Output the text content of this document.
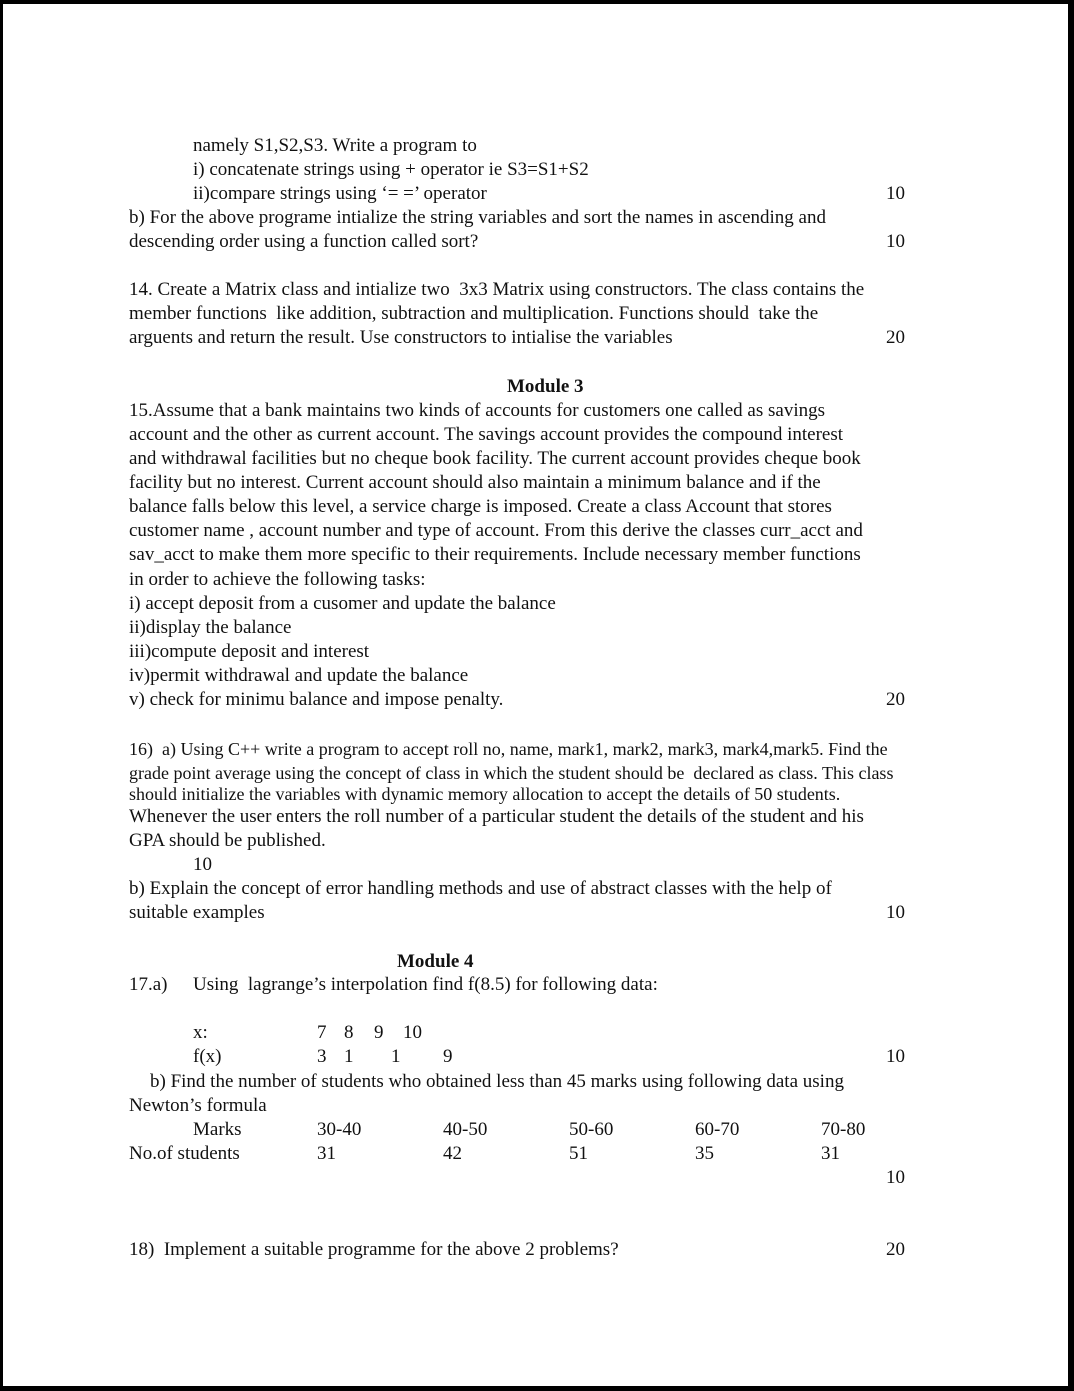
namely S1,S2,S3. Write a program to
i) concatenate strings using + operator ie S3=S1+S2
ii)compare strings using ‘= =’ operator	10
b) For the above programe intialize the string variables and sort the names in ascending and
descending order using a function called sort?	10
14. Create a Matrix class and intialize two  3x3 Matrix using constructors. The class contains the
member functions  like addition, subtraction and multiplication. Functions should  take the
arguents and return the result. Use constructors to intialise the variables	20
Module 3
15.Assume that a bank maintains two kinds of accounts for customers one called as savings
account and the other as current account. The savings account provides the compound interest
and withdrawal facilities but no cheque book facility. The current account provides cheque book
facility but no interest. Current account should also maintain a minimum balance and if the
balance falls below this level, a service charge is imposed. Create a class Account that stores
customer name , account number and type of account. From this derive the classes curr_acct and
sav_acct to make them more specific to their requirements. Include necessary member functions
in order to achieve the following tasks:
i) accept deposit from a cusomer and update the balance
ii)display the balance
iii)compute deposit and interest
iv)permit withdrawal and update the balance
v) check for minimu balance and impose penalty.	20
16)  a) Using C++ write a program to accept roll no, name, mark1, mark2, mark3, mark4,mark5. Find the
grade point average using the concept of class in which the student should be  declared as class. This class
should initialize the variables with dynamic memory allocation to accept the details of 50 students.
Whenever the user enters the roll number of a particular student the details of the student and his
GPA should be published.
10
b) Explain the concept of error handling methods and use of abstract classes with the help of
suitable examples	10
Module 4
17.a) Using  lagrange’s interpolation find f(8.5) for following data:
x:	7 8 9 10
f(x)	3 1 1 9	10
b) Find the number of students who obtained less than 45 marks using following data using
Newton’s formula
Marks	30-40	40-50	50-60	60-70	70-80
No.of students	31	42	51	35	31
10
18)  Implement a suitable programme for the above 2 problems?	20
